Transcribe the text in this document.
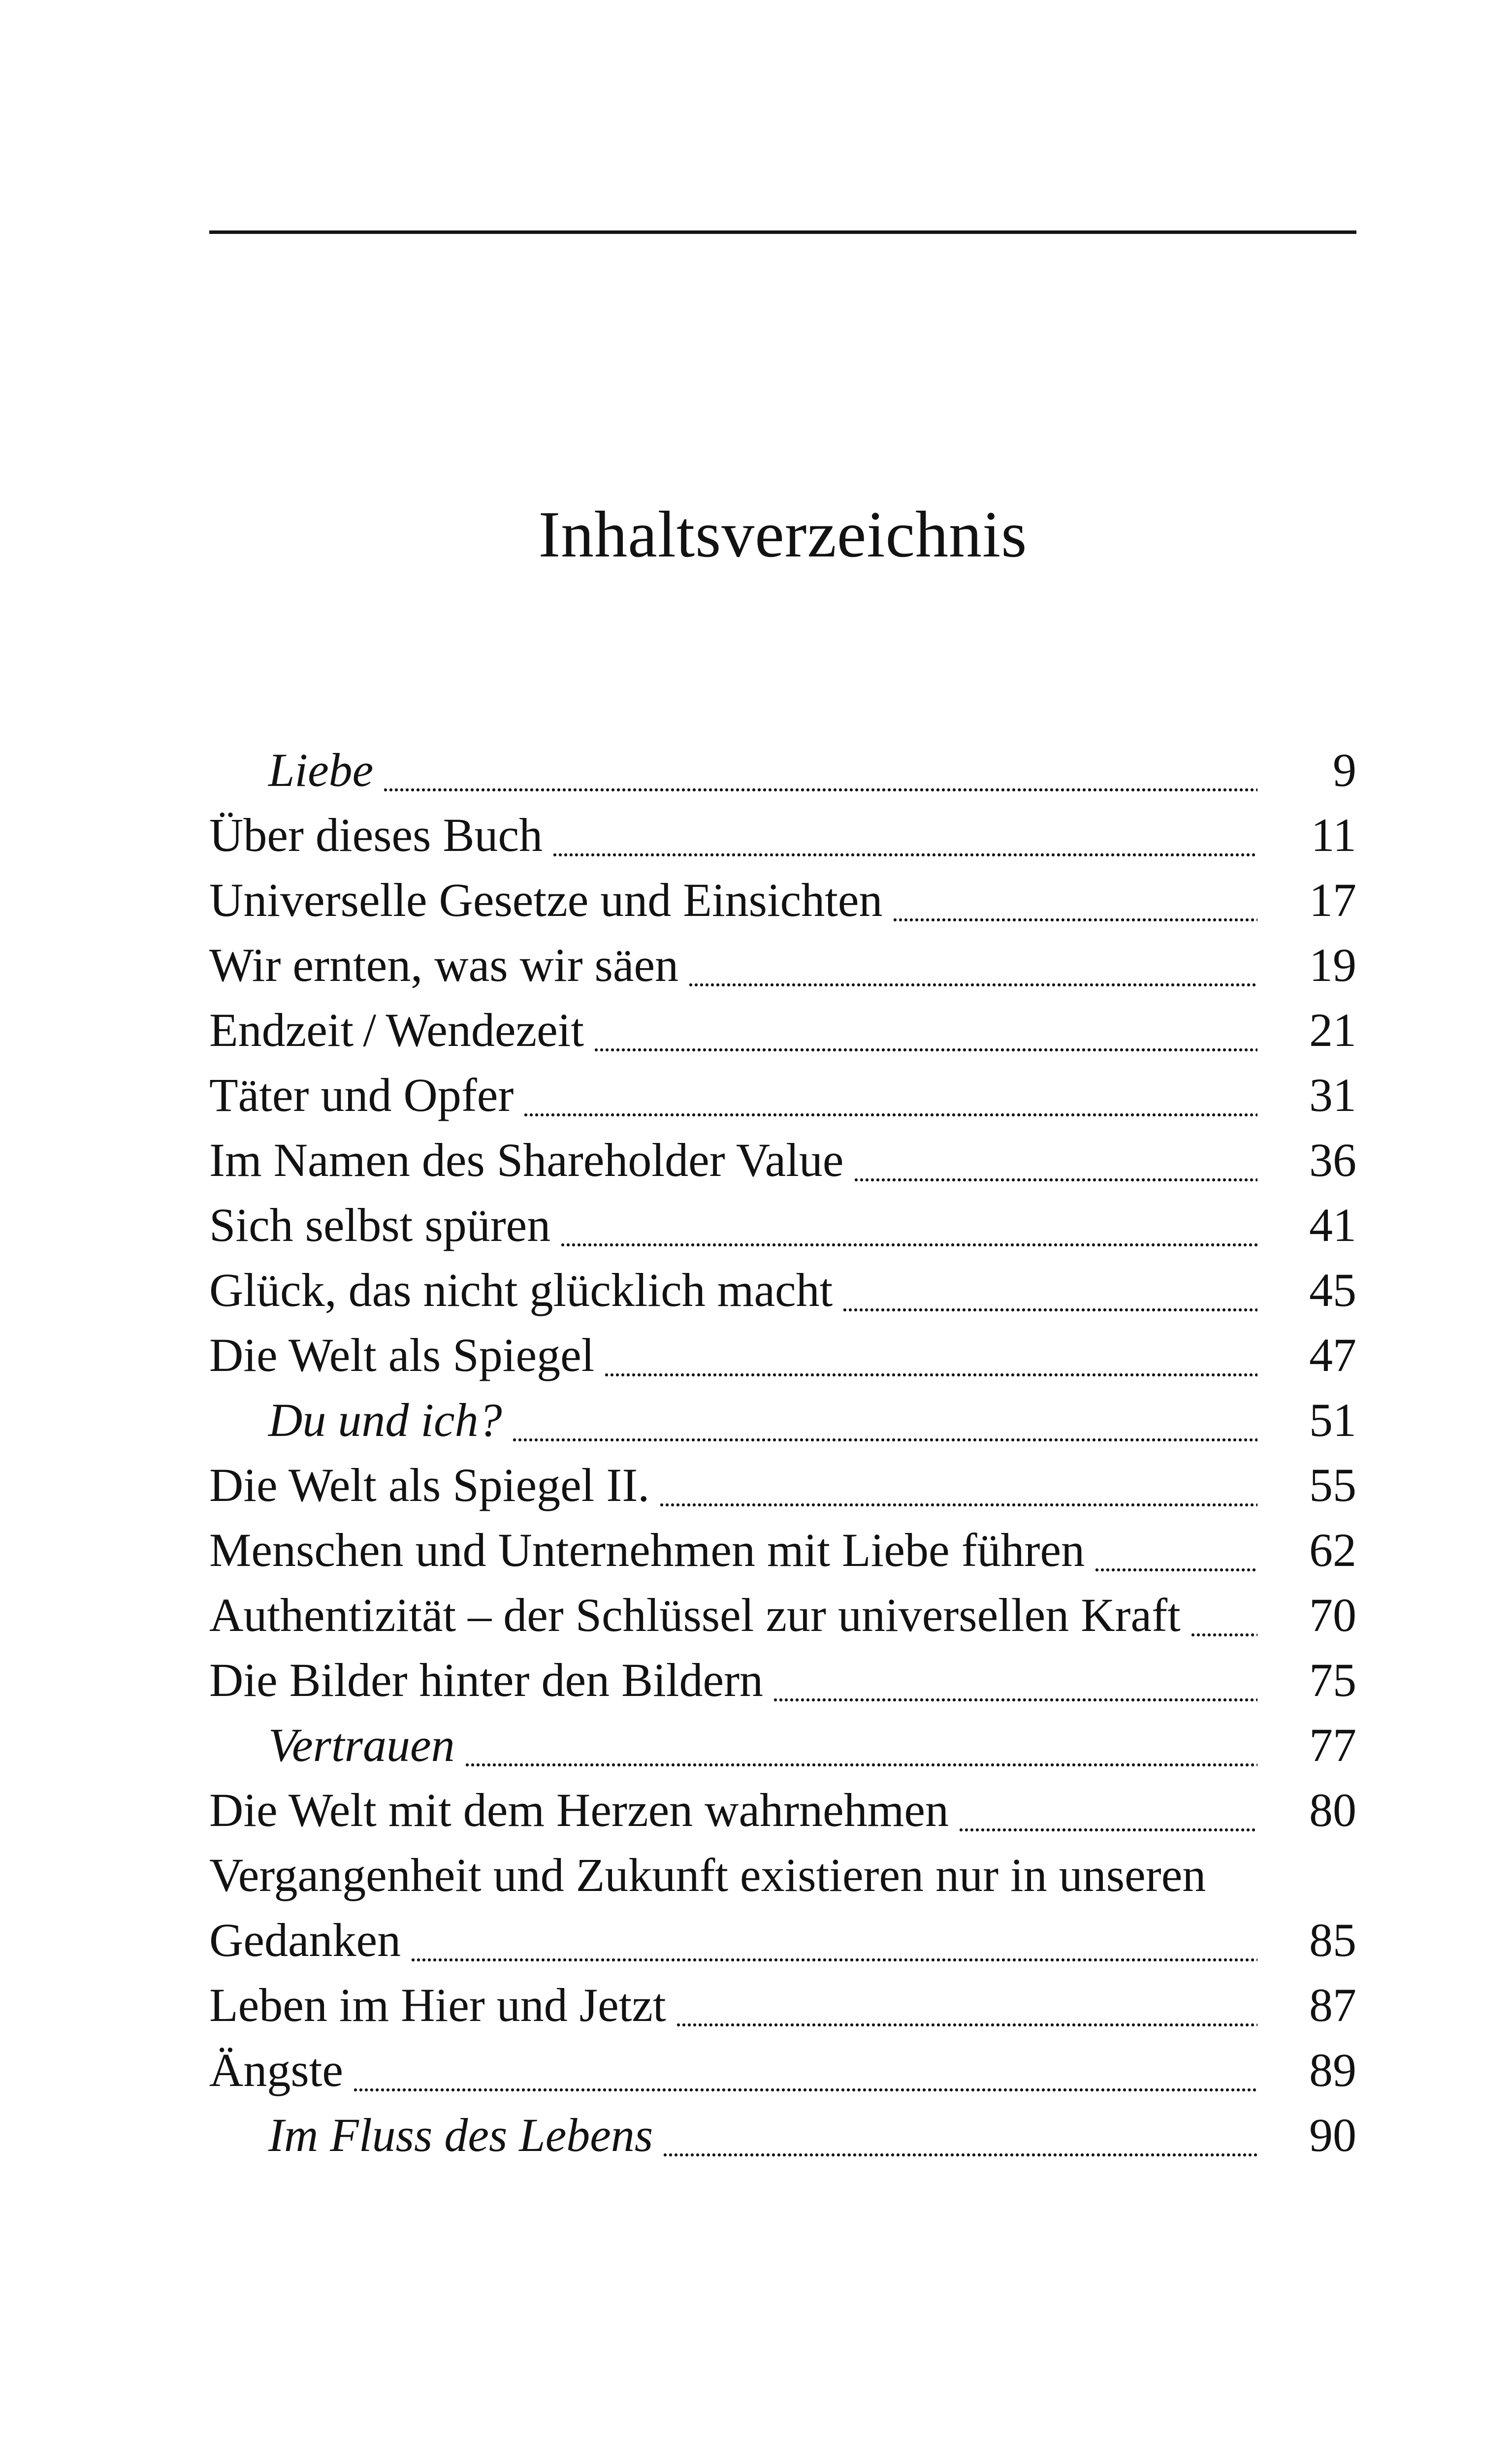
Inhaltsverzeichnis
Liebe	9
Über dieses Buch	11
Universelle Gesetze und Einsichten	17
Wir ernten, was wir säen	19
Endzeit / Wendezeit	21
Täter und Opfer	31
Im Namen des Shareholder Value	36
Sich selbst spüren	41
Glück, das nicht glücklich macht	45
Die Welt als Spiegel	47
Du und ich?	51
Die Welt als Spiegel II.	55
Menschen und Unternehmen mit Liebe führen	62
Authentizität – der Schlüssel zur universellen Kraft	70
Die Bilder hinter den Bildern	75
Vertrauen	77
Die Welt mit dem Herzen wahrnehmen	80
Vergangenheit und Zukunft existieren nur in unseren
Gedanken	85
Leben im Hier und Jetzt	87
Ängste	89
Im Fluss des Lebens	90
